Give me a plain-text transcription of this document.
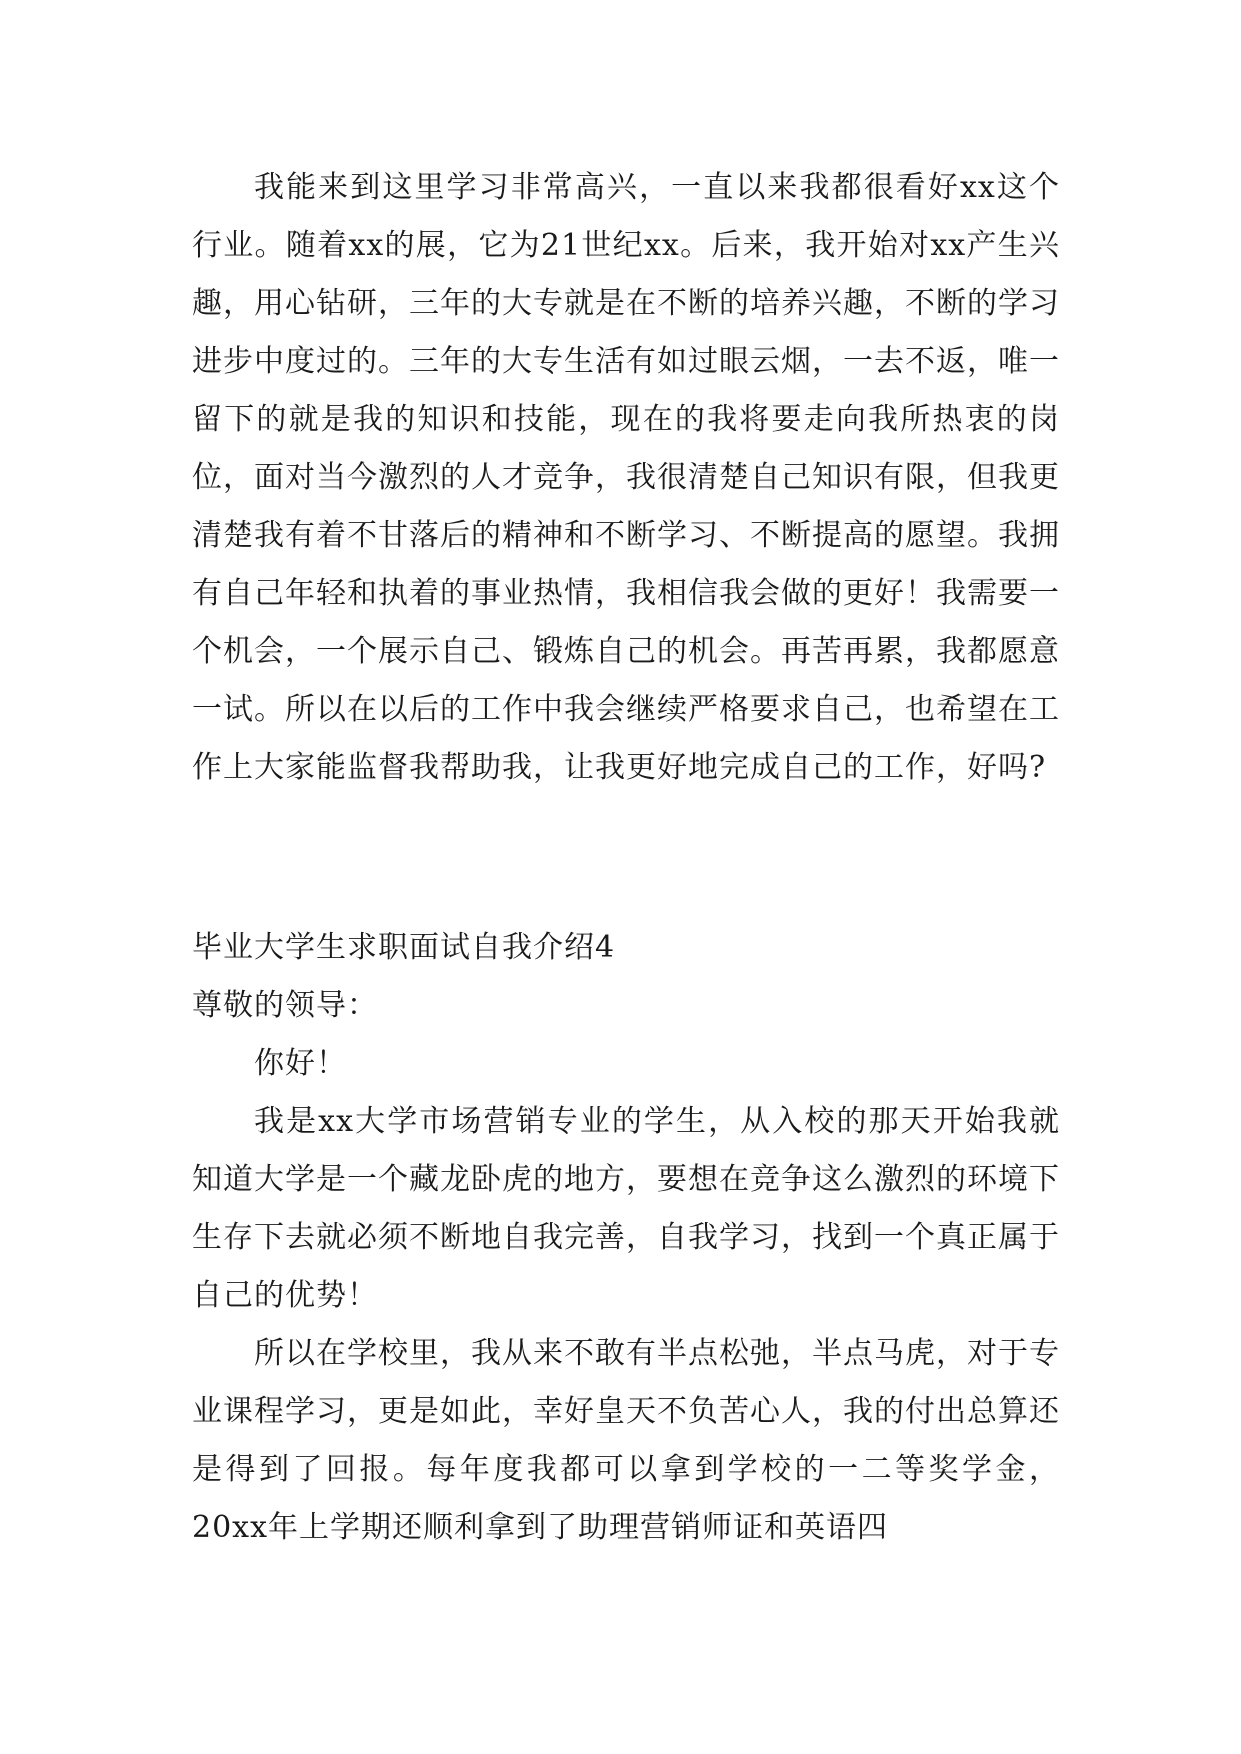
我能来到这里学习非常高兴，一直以来我都很看好xx这个行业。随着xx的展，它为21世纪xx。后来，我开始对xx产生兴趣，用心钻研，三年的大专就是在不断的培养兴趣，不断的学习进步中度过的。三年的大专生活有如过眼云烟，一去不返，唯一留下的就是我的知识和技能，现在的我将要走向我所热衷的岗位，面对当今激烈的人才竞争，我很清楚自己知识有限，但我更清楚我有着不甘落后的精神和不断学习、不断提高的愿望。我拥有自己年轻和执着的事业热情，我相信我会做的更好！我需要一个机会，一个展示自己、锻炼自己的机会。再苦再累，我都愿意一试。所以在以后的工作中我会继续严格要求自己，也希望在工作上大家能监督我帮助我，让我更好地完成自己的工作，好吗?

毕业大学生求职面试自我介绍4

尊敬的领导：

你好！

我是xx大学市场营销专业的学生，从入校的那天开始我就知道大学是一个藏龙卧虎的地方，要想在竞争这么激烈的环境下生存下去就必须不断地自我完善，自我学习，找到一个真正属于自己的优势！

所以在学校里，我从来不敢有半点松弛，半点马虎，对于专业课程学习，更是如此，幸好皇天不负苦心人，我的付出总算还是得到了回报。每年度我都可以拿到学校的一二等奖学金，20xx年上学期还顺利拿到了助理营销师证和英语四
